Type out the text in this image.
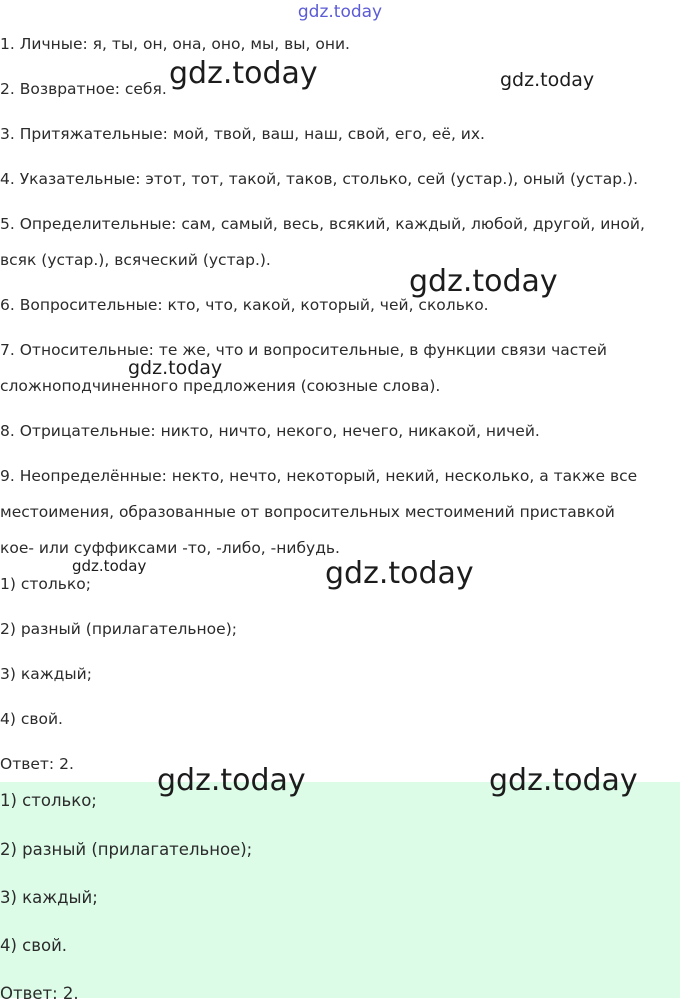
gdz.today
1. Личные: я, ты, он, она, оно, мы, вы, они.
2. Возвратное: себя.
3. Притяжательные: мой, твой, ваш, наш, свой, его, её, их.
4. Указательные: этот, тот, такой, таков, столько, сей (устар.), оный (устар.).
5. Определительные: сам, самый, весь, всякий, каждый, любой, другой, иной,
всяк (устар.), всяческий (устар.).
6. Вопросительные: кто, что, какой, который, чей, сколько.
7. Относительные: те же, что и вопросительные, в функции связи частей
сложноподчиненного предложения (союзные слова).
8. Отрицательные: никто, ничто, некого, нечего, никакой, ничей.
9. Неопределённые: некто, нечто, некоторый, некий, несколько, а также все
местоимения, образованные от вопросительных местоимений приставкой
кое- или суффиксами -то, -либо, -нибудь.
1) столько;
2) разный (прилагательное);
3) каждый;
4) свой.
Ответ: 2.
1) столько;
2) разный (прилагательное);
3) каждый;
4) свой.
Ответ: 2.
gdz.today	gdz.today
gdz.today
gdz.today
gdz.today	gdz.today
gdz.today	gdz.today
